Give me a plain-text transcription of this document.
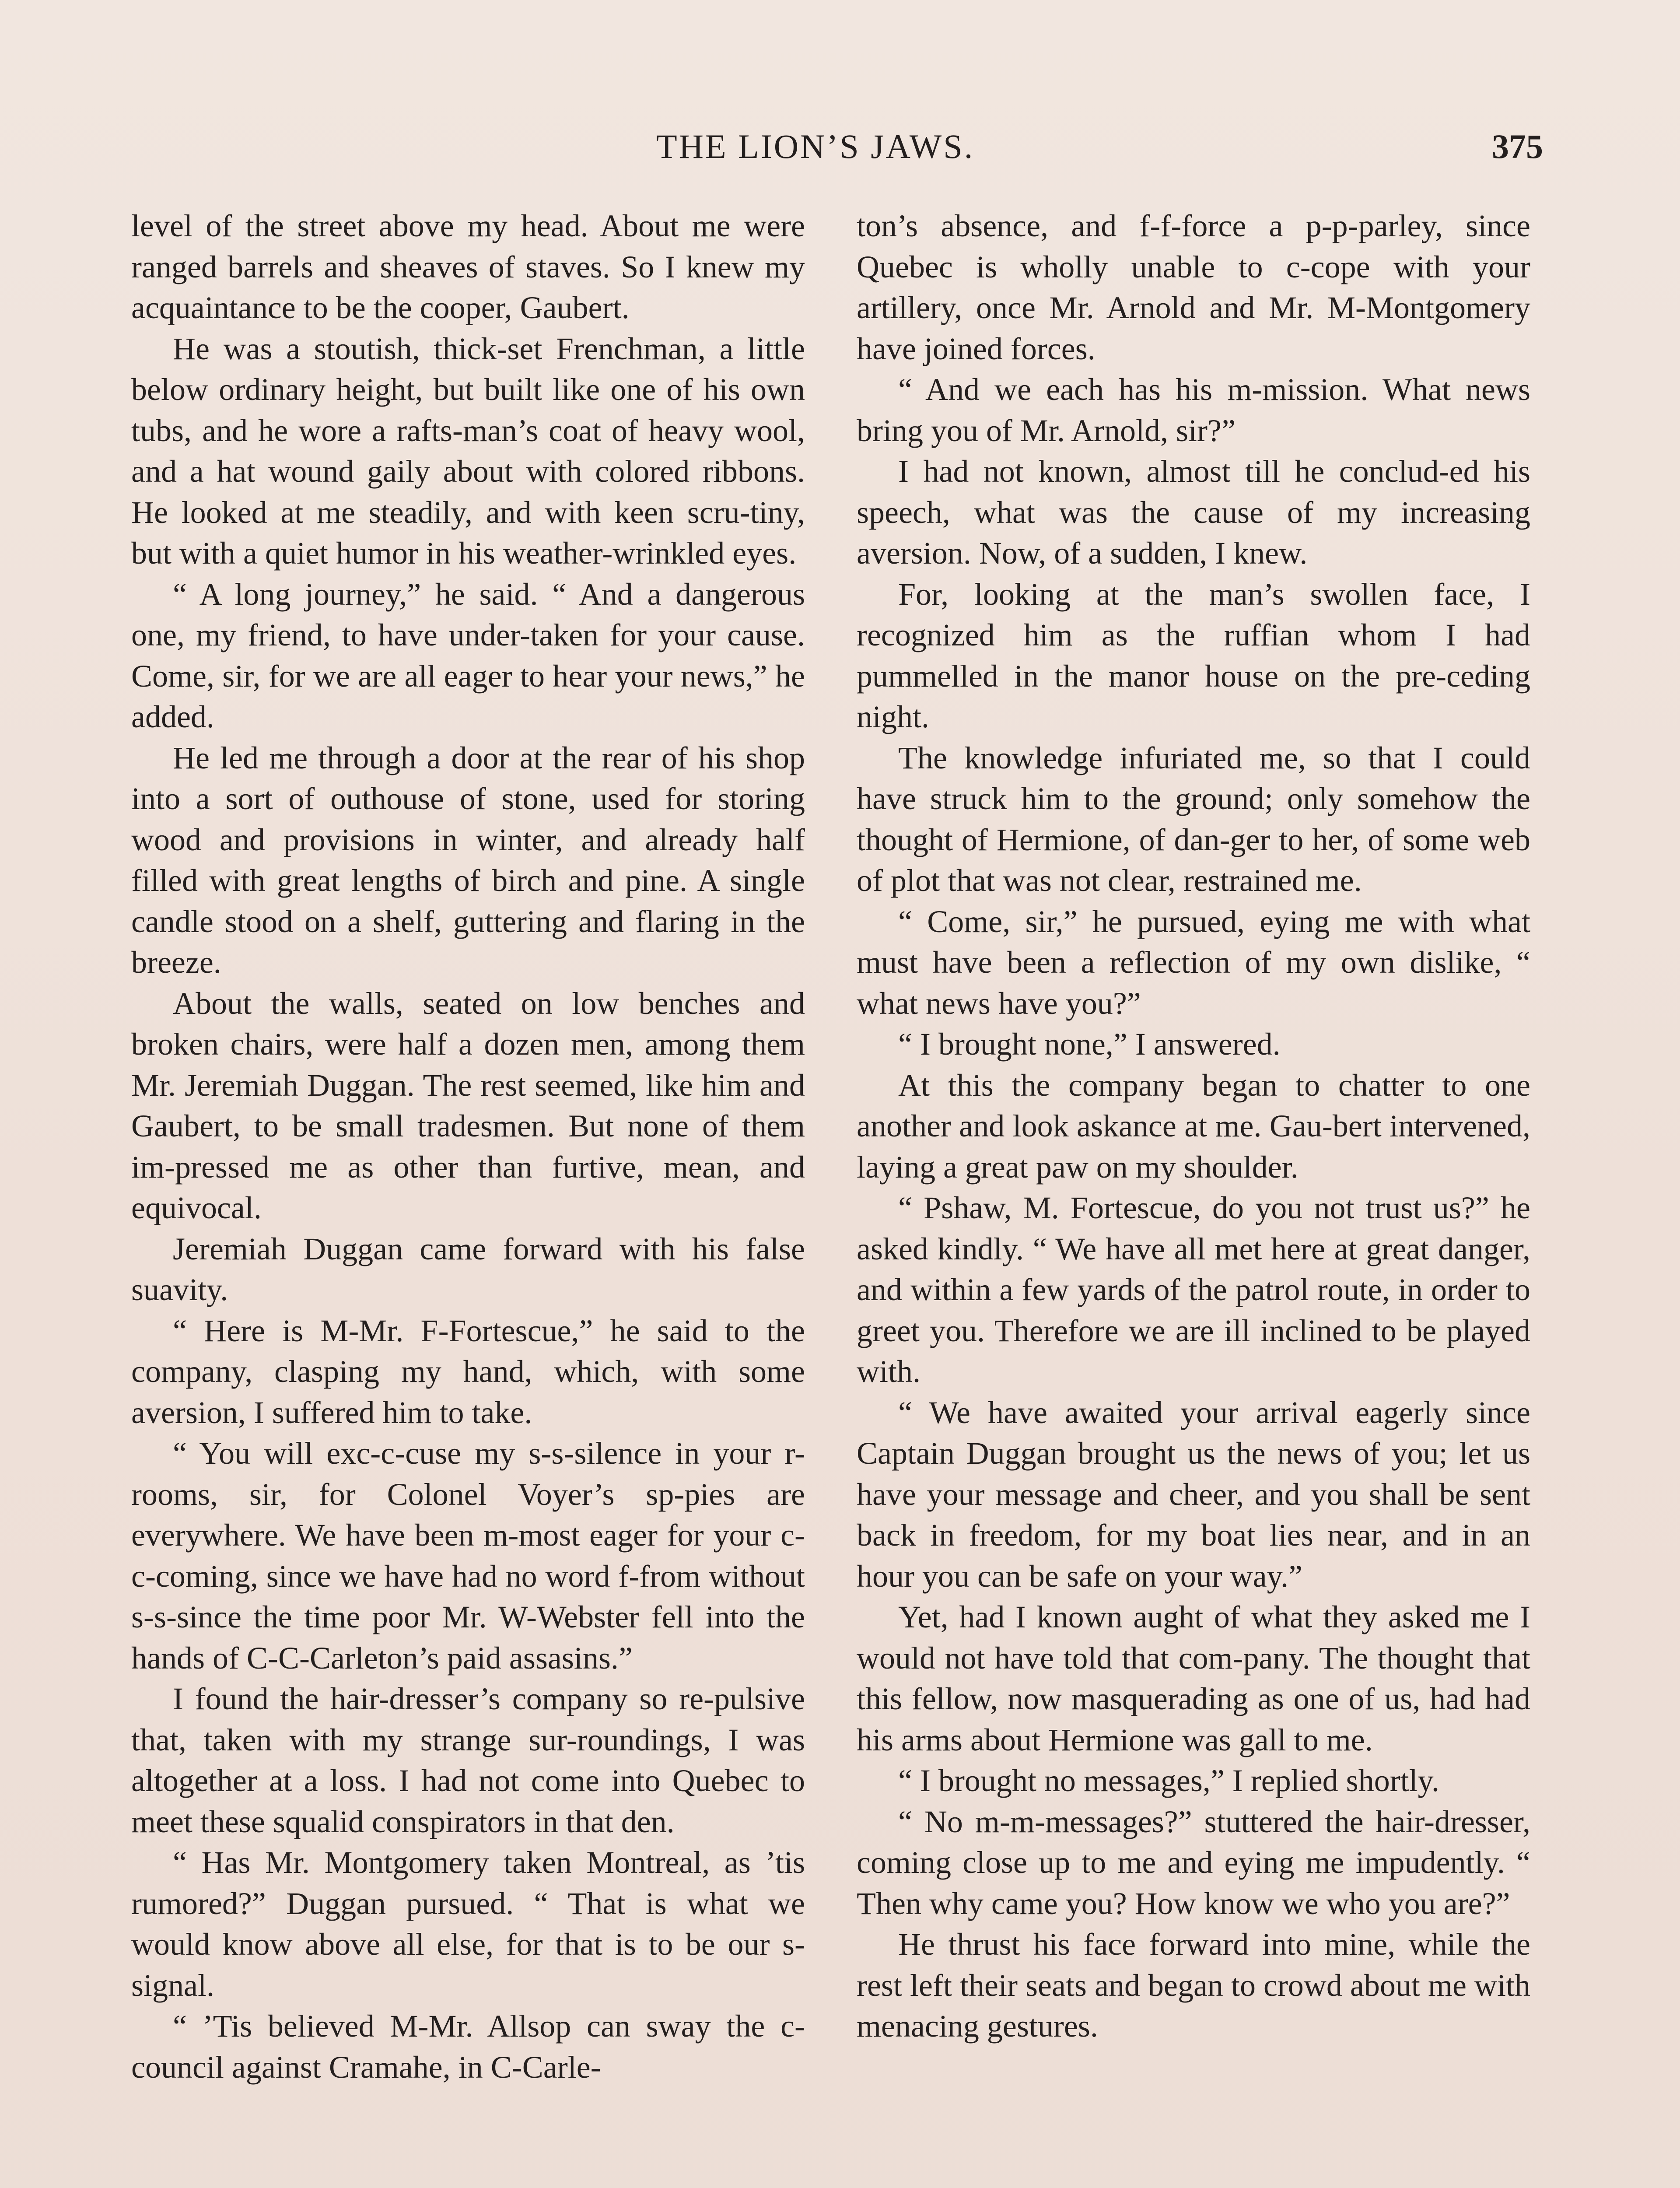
THE LION’S JAWS.	375

level of the street above my head. About me were ranged barrels and sheaves of staves. So I knew my acquaintance to be the cooper, Gaubert.

He was a stoutish, thick-set Frenchman, a little below ordinary height, but built like one of his own tubs, and he wore a rafts-man’s coat of heavy wool, and a hat wound gaily about with colored ribbons. He looked at me steadily, and with keen scru-tiny, but with a quiet humor in his weather-wrinkled eyes.

“ A long journey,” he said. “ And a dangerous one, my friend, to have under-taken for your cause. Come, sir, for we are all eager to hear your news,” he added.

He led me through a door at the rear of his shop into a sort of outhouse of stone, used for storing wood and provisions in winter, and already half filled with great lengths of birch and pine. A single candle stood on a shelf, guttering and flaring in the breeze.

About the walls, seated on low benches and broken chairs, were half a dozen men, among them Mr. Jeremiah Duggan. The rest seemed, like him and Gaubert, to be small tradesmen. But none of them im-pressed me as other than furtive, mean, and equivocal.

Jeremiah Duggan came forward with his false suavity.

“ Here is M-Mr. F-Fortescue,” he said to the company, clasping my hand, which, with some aversion, I suffered him to take.

“ You will exc-c-cuse my s-s-silence in your r-rooms, sir, for Colonel Voyer’s sp-pies are everywhere. We have been m-most eager for your c-c-coming, since we have had no word f-from without s-s-since the time poor Mr. W-Webster fell into the hands of C-C-Carleton’s paid assasins.”

I found the hair-dresser’s company so re-pulsive that, taken with my strange sur-roundings, I was altogether at a loss. I had not come into Quebec to meet these squalid conspirators in that den.

“ Has Mr. Montgomery taken Montreal, as ’tis rumored?” Duggan pursued. “ That is what we would know above all else, for that is to be our s-signal.

“ ’Tis believed M-Mr. Allsop can sway the c-council against Cramahe, in C-Carle-

ton’s absence, and f-f-force a p-p-parley, since Quebec is wholly unable to c-cope with your artillery, once Mr. Arnold and Mr. M-Montgomery have joined forces.

“ And we each has his m-mission. What news bring you of Mr. Arnold, sir?”

I had not known, almost till he conclud-ed his speech, what was the cause of my increasing aversion. Now, of a sudden, I knew.

For, looking at the man’s swollen face, I recognized him as the ruffian whom I had pummelled in the manor house on the pre-ceding night.

The knowledge infuriated me, so that I could have struck him to the ground; only somehow the thought of Hermione, of dan-ger to her, of some web of plot that was not clear, restrained me.

“ Come, sir,” he pursued, eying me with what must have been a reflection of my own dislike, “ what news have you?”

“ I brought none,” I answered.

At this the company began to chatter to one another and look askance at me. Gau-bert intervened, laying a great paw on my shoulder.

“ Pshaw, M. Fortescue, do you not trust us?” he asked kindly. “ We have all met here at great danger, and within a few yards of the patrol route, in order to greet you. Therefore we are ill inclined to be played with.

“ We have awaited your arrival eagerly since Captain Duggan brought us the news of you; let us have your message and cheer, and you shall be sent back in freedom, for my boat lies near, and in an hour you can be safe on your way.”

Yet, had I known aught of what they asked me I would not have told that com-pany. The thought that this fellow, now masquerading as one of us, had had his arms about Hermione was gall to me.

“ I brought no messages,” I replied shortly.

“ No m-m-messages?” stuttered the hair-dresser, coming close up to me and eying me impudently. “ Then why came you? How know we who you are?”

He thrust his face forward into mine, while the rest left their seats and began to crowd about me with menacing gestures.
